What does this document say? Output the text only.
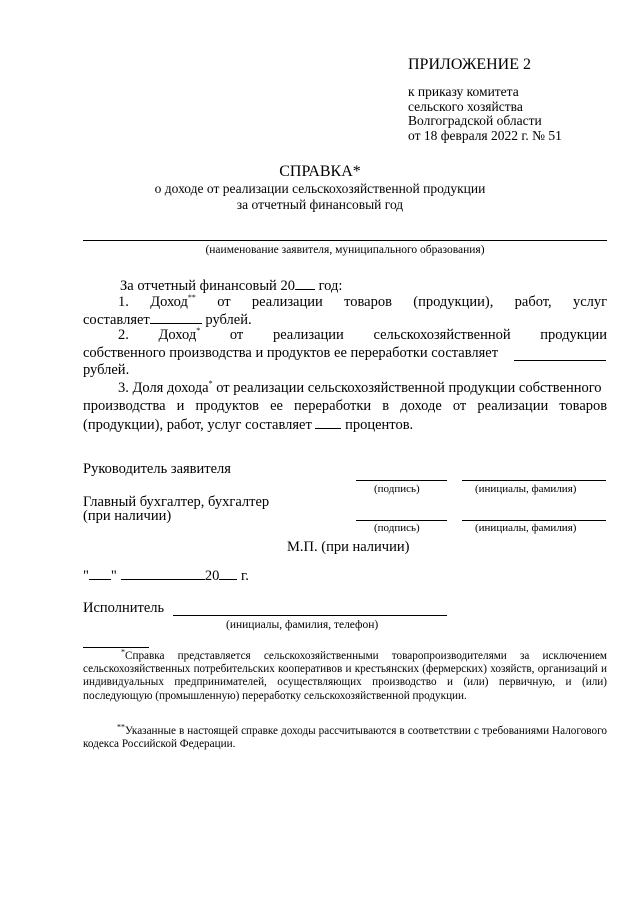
ПРИЛОЖЕНИЕ 2
к приказу комитета
сельского хозяйства
Волгоградской области
от 18 февраля 2022 г. № 51
СПРАВКА*
о доходе от реализации сельскохозяйственной продукции
за отчетный финансовый год
(наименование заявителя, муниципального образования)
За отчетный финансовый 20 год:
1. Доход** от реализации товаров (продукции), работ, услуг
составляет	рублей.
2. Доход* от реализации сельскохозяйственной продукции
собственного производства и продуктов ее переработки составляет
рублей.
3. Доля дохода* от реализации сельскохозяйственной продукции собственного
производства и продуктов ее переработки в доходе от реализации товаров
(продукции), работ, услуг составляет  процентов.
Руководитель заявителя
(подпись)	(инициалы, фамилия)
Главный бухгалтер, бухгалтер
(при наличии)
(подпись)	(инициалы, фамилия)
М.П. (при наличии)
" "	20 г.
Исполнитель
(инициалы, фамилия, телефон)
*Справка представляется сельскохозяйственными товаропроизводителями за исключением сельскохозяйственных потребительских кооперативов и крестьянских (фермерских) хозяйств, организаций и индивидуальных предпринимателей, осуществляющих производство и (или) первичную, и (или) последующую (промышленную) переработку сельскохозяйственной продукции.
**Указанные в настоящей справке доходы рассчитываются в соответствии с требованиями Налогового кодекса Российской Федерации.
